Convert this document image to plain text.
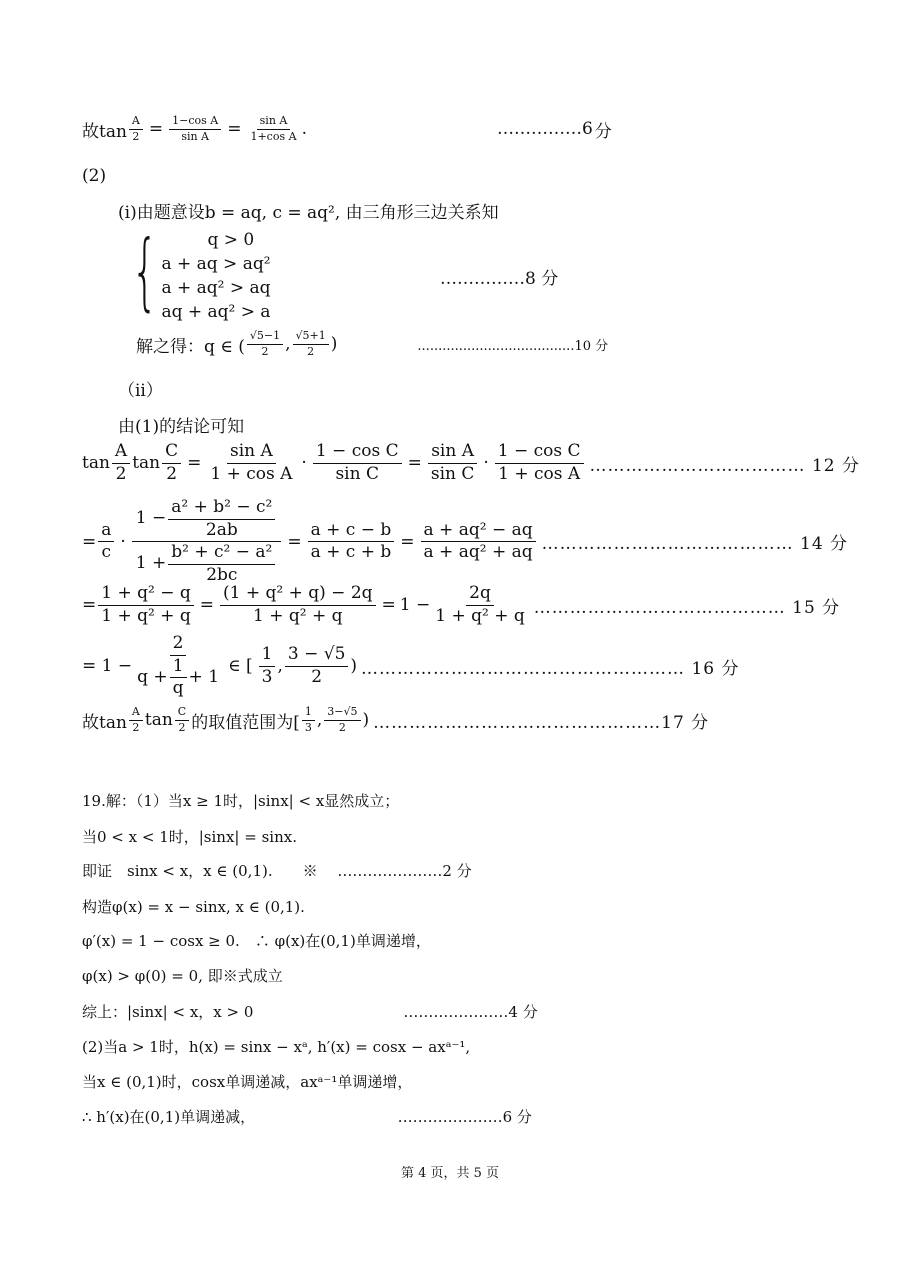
故$\tan \frac{A}{2} = \frac{\text{1−cos A}}{\text{sin A}} = \frac{\text{sin A}}{\text{1+cos A}}$ .	……………6 分
(2)
(i)由题意设b = aq, c = aq², 由三角形三边关系知
{	q > 0
a + aq > aq²
a + aq² > aq
aq + aq² > a
……………8 分
解之得：q ∈ ( $\frac{√5-1}{2}$ , $\frac{√5+1}{2}$ )	......................................10 分
（ii）
由(1)的结论可知
$\tan \frac{A}{2}$ $\tan \frac{C}{2} = \frac{\text{sin A}}{\text{1 + cos A}} \cdot \frac{\text{1 − cos C}}{\text{sin C}} = \frac{\text{sin A}}{\text{sin C}} \cdot \frac{\text{1 − cos C}}{\text{1 + cos A}}$ ……………………………… 12 分
= $\frac{a}{c} \cdot \frac{1 - \frac{\text{a² + b² − c²}}{2ab}}{1 + \frac{\text{b² + c² − a²}}{2bc}} = \frac{a + c - b}{a + c + b} = \frac{\text{a + aq² − aq}}{\text{a + aq² + aq}}$ …………………………………… 14 分
= $\frac{\text{1 + q² − q}}{\text{1 + q² + q}} = \frac{\text{(1 + q² + q) − 2q}}{\text{1 + q² + q}} = 1 - \frac{2q}{\text{1 + q² + q}}$ …………………………………… 15 分
= $1 - \frac{2}{q + \frac{1}{q} + 1}$ ∈ [ $\frac{1}{3}$ , $\frac{3 - √5}{2}$ ) ……………………………………………… 16 分
故$\tan \frac{A}{2}$ $\tan \frac{C}{2}$ 的取值范围为[ $\frac{1}{3}$ , $\frac{3-√5}{2}$ ) …………………………………………17 分
19.解：（1）当x ≥ 1时，|sinx| < x显然成立；
当0 < x < 1时，|sinx| = sinx.
即证　sinx < x，x ∈ (0,1).　　※　 …………………2 分
构造φ(x) = x − sinx, x ∈ (0,1).
φ′(x) = 1 − cosx ≥ 0.　∴ φ(x)在(0,1)单调递增，
φ(x) > φ(0) = 0, 即※式成立
综上：|sinx| < x，x > 0　　　　　　　　　　…………………4 分
(2)当a > 1时，h(x) = sinx − xᵃ, h′(x) = cosx − axᵃ⁻¹,
当x ∈ (0,1)时，cosx单调递减，axᵃ⁻¹单调递增，
∴ h′(x)在(0,1)单调递减，　　　　　　　　　　…………………6 分
第 4 页，共 5 页
